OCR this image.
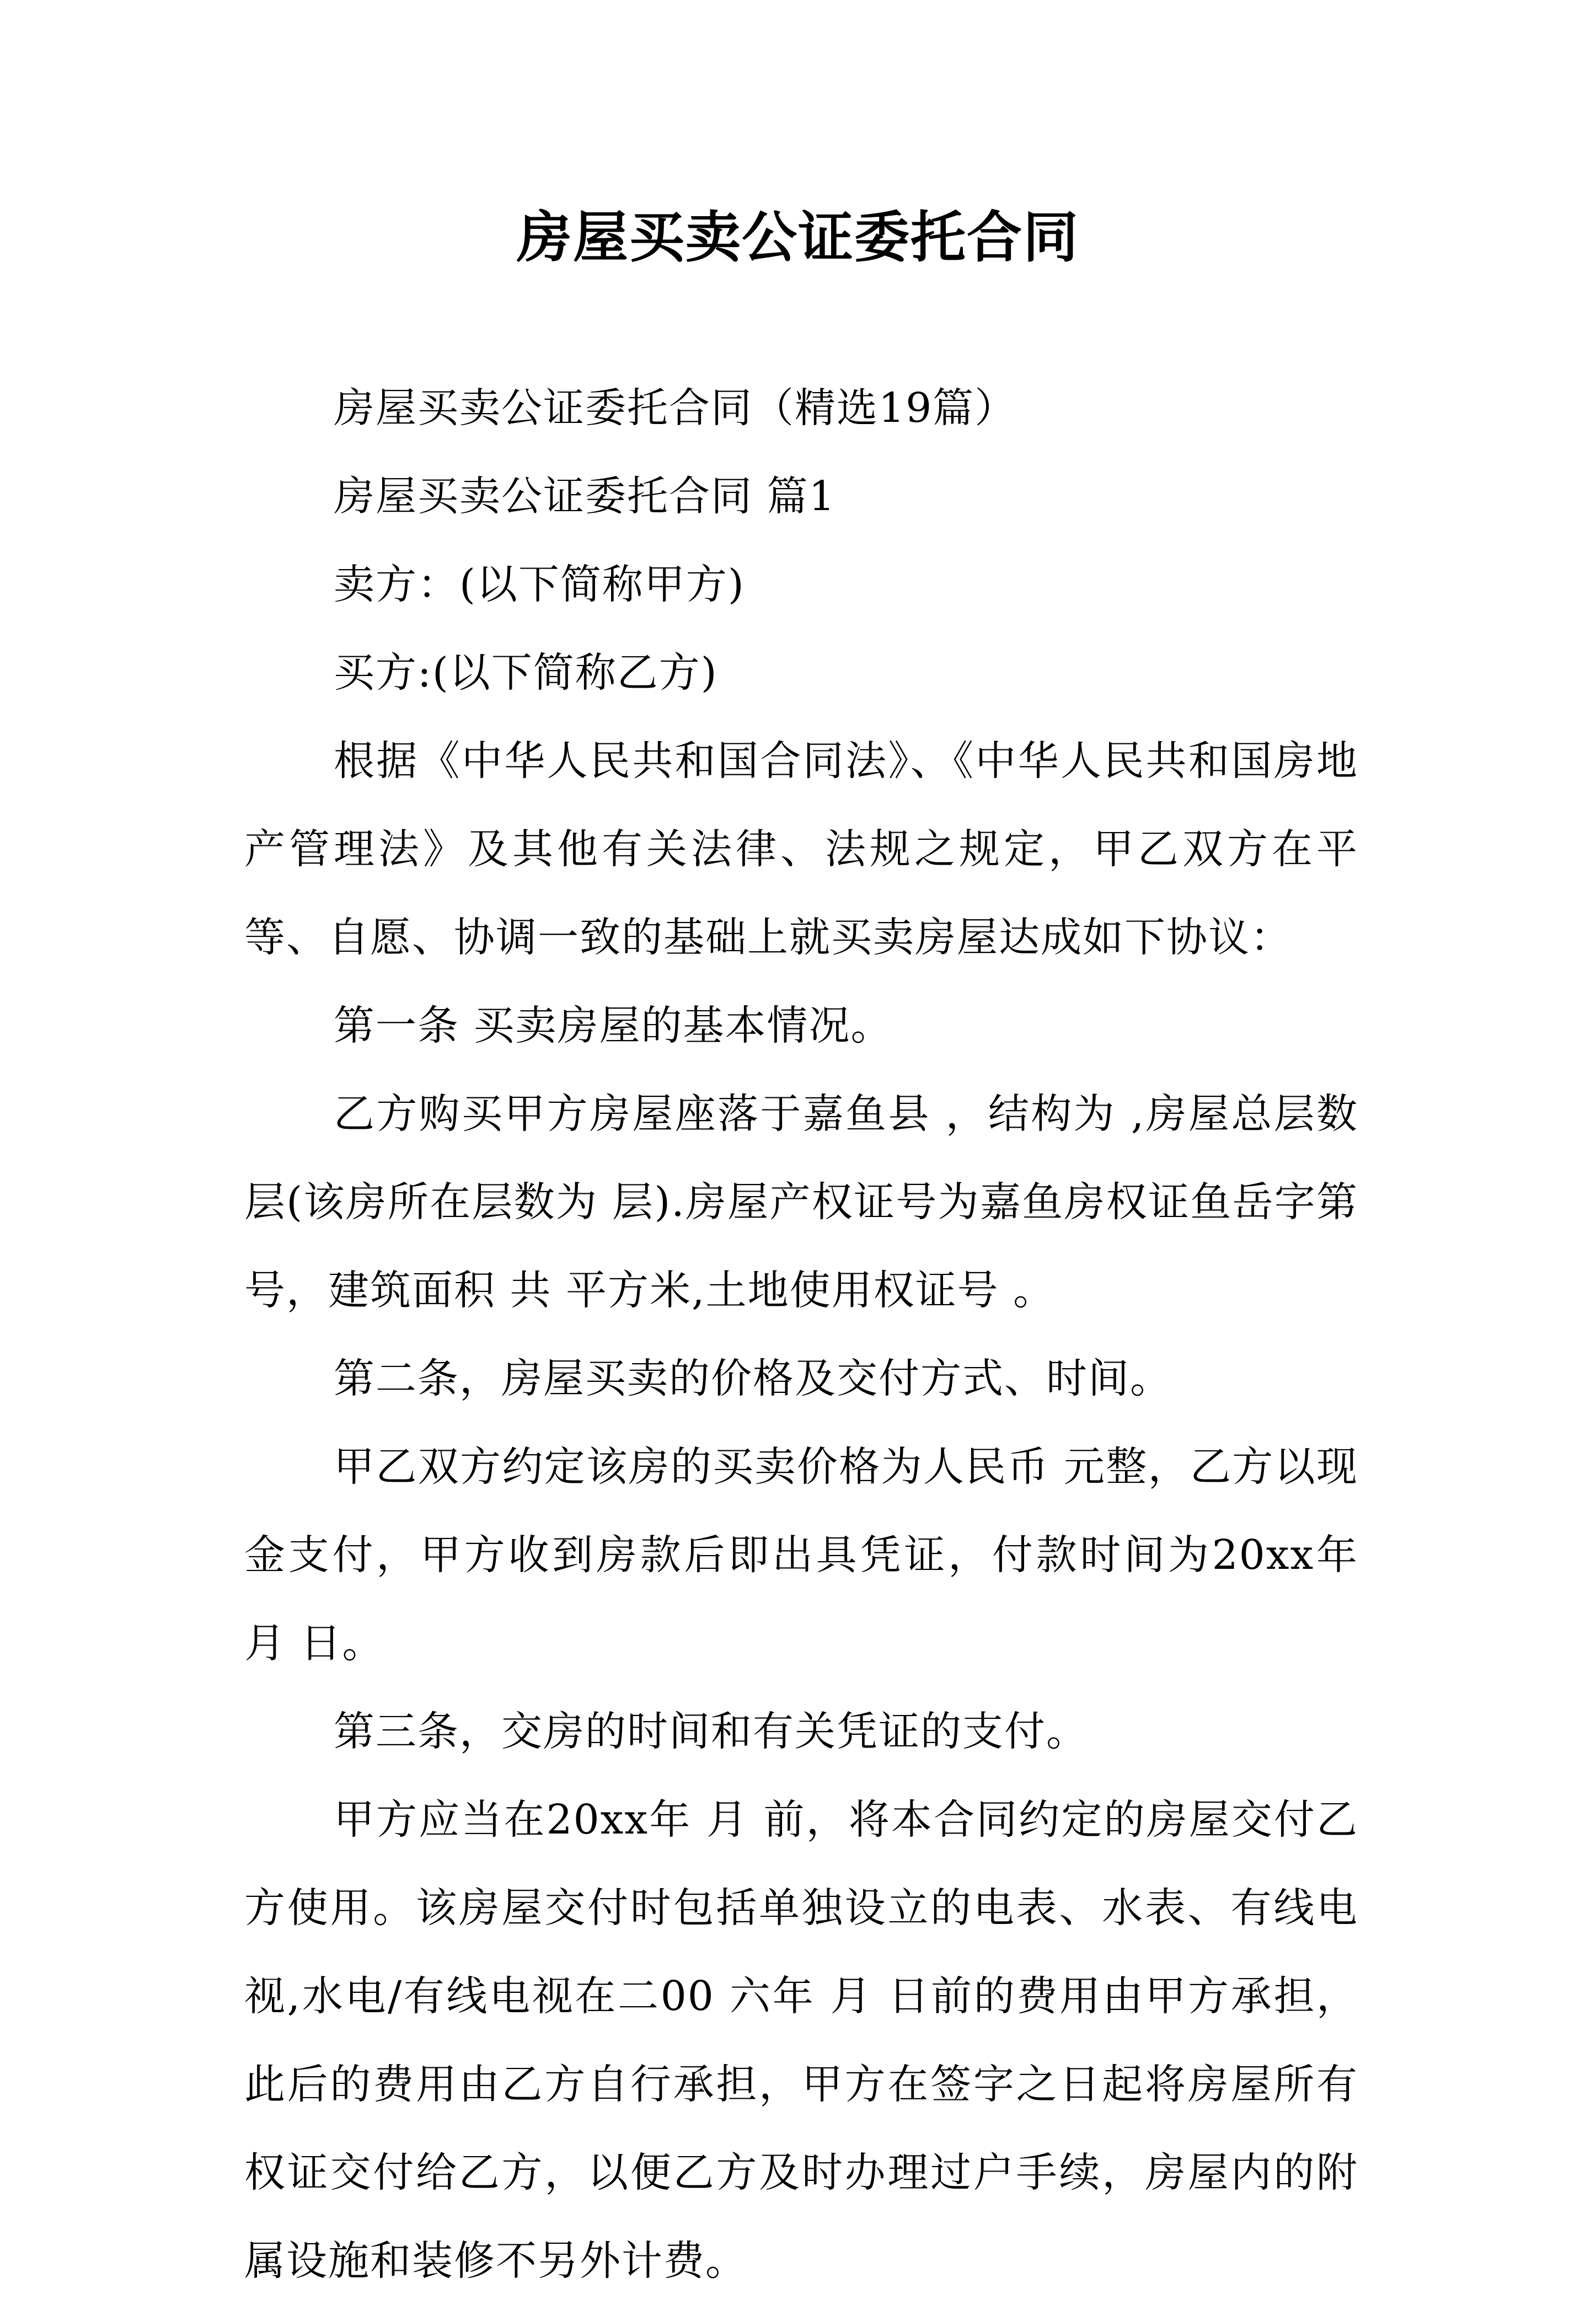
房屋买卖公证委托合同

房屋买卖公证委托合同（精选19篇）

房屋买卖公证委托合同 篇1

卖方：(以下简称甲方)

买方:(以下简称乙方)

根据《中华人民共和国合同法》、《中华人民共和国房地产管理法》及其他有关法律、法规之规定，甲乙双方在平等、自愿、协调一致的基础上就买卖房屋达成如下协议：

第一条 买卖房屋的基本情况。

乙方购买甲方房屋座落于嘉鱼县 ，结构为 ,房屋总层数 层(该房所在层数为 层).房屋产权证号为嘉鱼房权证鱼岳字第 号，建筑面积 共 平方米,土地使用权证号 。

第二条，房屋买卖的价格及交付方式、时间。

甲乙双方约定该房的买卖价格为人民币 元整，乙方以现金支付，甲方收到房款后即出具凭证，付款时间为20xx年 月 日。

第三条，交房的时间和有关凭证的支付。

甲方应当在20xx年 月 前，将本合同约定的房屋交付乙方使用。该房屋交付时包括单独设立的电表、水表、有线电视,水电/有线电视在二00 六年 月 日前的费用由甲方承担，此后的费用由乙方自行承担，甲方在签字之日起将房屋所有权证交付给乙方，以便乙方及时办理过户手续，房屋内的附属设施和装修不另外计费。
